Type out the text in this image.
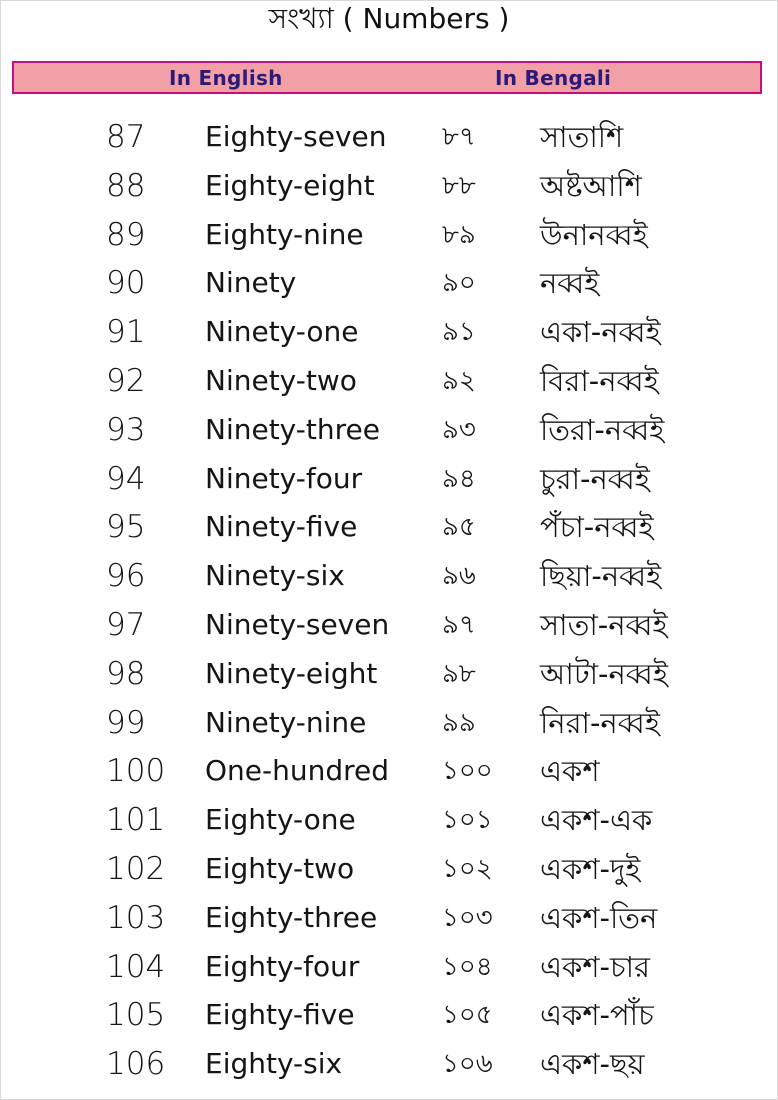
সংখ্যা ( Numbers )
In English	In Bengali
87 Eighty-seven ৮৭ সাতাশি
88 Eighty-eight	৮৮ অষ্টআশি
89 Eighty-nine	৮৯ উনানব্বই
90 Ninety	৯০ নব্বই
91 Ninety-one	৯১ একা-নব্বই
92 Ninety-two	৯২ বিরা-নব্বই
93 Ninety-three ৯৩ তিরা-নব্বই
94 Ninety-four	৯৪ চুরা-নব্বই
95 Ninety-five	৯৫ পঁচা-নব্বই
96 Ninety-six	৯৬ ছিয়া-নব্বই
97 Ninety-seven ৯৭ সাতা-নব্বই
98 Ninety-eight ৯৮ আটা-নব্বই
99 Ninety-nine	৯৯ নিরা-নব্বই
100 One-hundred ১০০ একশ
101 Eighty-one	১০১ একশ-এক
102 Eighty-two	১০২ একশ-দুই
103 Eighty-three ১০৩ একশ-তিন
104 Eighty-four	১০৪ একশ-চার
105 Eighty-five	১০৫ একশ-পাঁচ
106 Eighty-six	১০৬ একশ-ছয়
